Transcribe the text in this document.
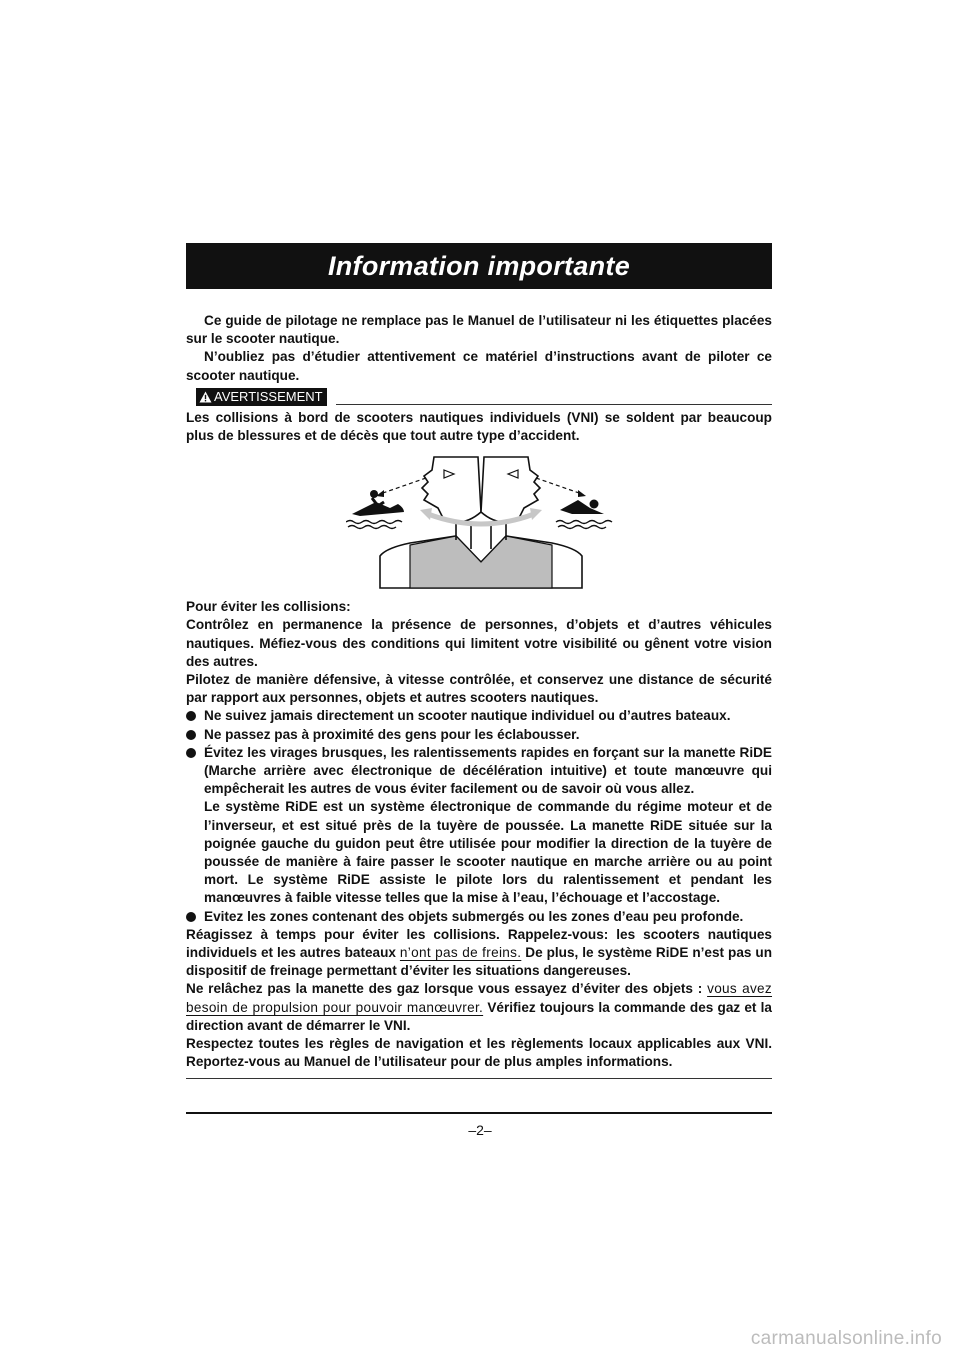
Information importante

Ce guide de pilotage ne remplace pas le Manuel de l’utilisateur ni les étiquettes placées sur le scooter nautique.

N’oubliez pas d’étudier attentivement ce matériel d’instructions avant de piloter ce scooter nautique.

AVERTISSEMENT

Les collisions à bord de scooters nautiques individuels (VNI) se soldent par beaucoup plus de blessures et de décès que tout autre type d’accident.

Pour éviter les collisions:

Contrôlez en permanence la présence de personnes, d’objets et d’autres véhicules nautiques. Méfiez-vous des conditions qui limitent votre visibilité ou gênent votre vision des autres.

Pilotez de manière défensive, à vitesse contrôlée, et conservez une distance de sécurité par rapport aux personnes, objets et autres scooters nautiques.

Ne suivez jamais directement un scooter nautique individuel ou d’autres bateaux.
Ne passez pas à proximité des gens pour les éclabousser.
Évitez les virages brusques, les ralentissements rapides en forçant sur la manette RiDE (Marche arrière avec électronique de décélération intuitive) et toute manœuvre qui empêcherait les autres de vous éviter facilement ou de savoir où vous allez.

Le système RiDE est un système électronique de commande du régime moteur et de l’inverseur, et est situé près de la tuyère de poussée. La manette RiDE située sur la poignée gauche du guidon peut être utilisée pour modifier la direction de la tuyère de poussée de manière à faire passer le scooter nautique en marche arrière ou au point mort. Le système RiDE assiste le pilote lors du ralentissement et pendant les manœuvres à faible vitesse telles que la mise à l’eau, l’échouage et l’accostage.

Evitez les zones contenant des objets submergés ou les zones d’eau peu profonde.

Réagissez à temps pour éviter les collisions. Rappelez-vous: les scooters nautiques individuels et les autres bateaux n’ont pas de freins. De plus, le système RiDE n’est pas un dispositif de freinage permettant d’éviter les situations dangereuses.

Ne relâchez pas la manette des gaz lorsque vous essayez d’éviter des objets : vous avez besoin de propulsion pour pouvoir manœuvrer. Vérifiez toujours la commande des gaz et la direction avant de démarrer le VNI.

Respectez toutes les règles de navigation et les règlements locaux applicables aux VNI. Reportez-vous au Manuel de l’utilisateur pour de plus amples informations.

–2–
carmanualsonline.info
